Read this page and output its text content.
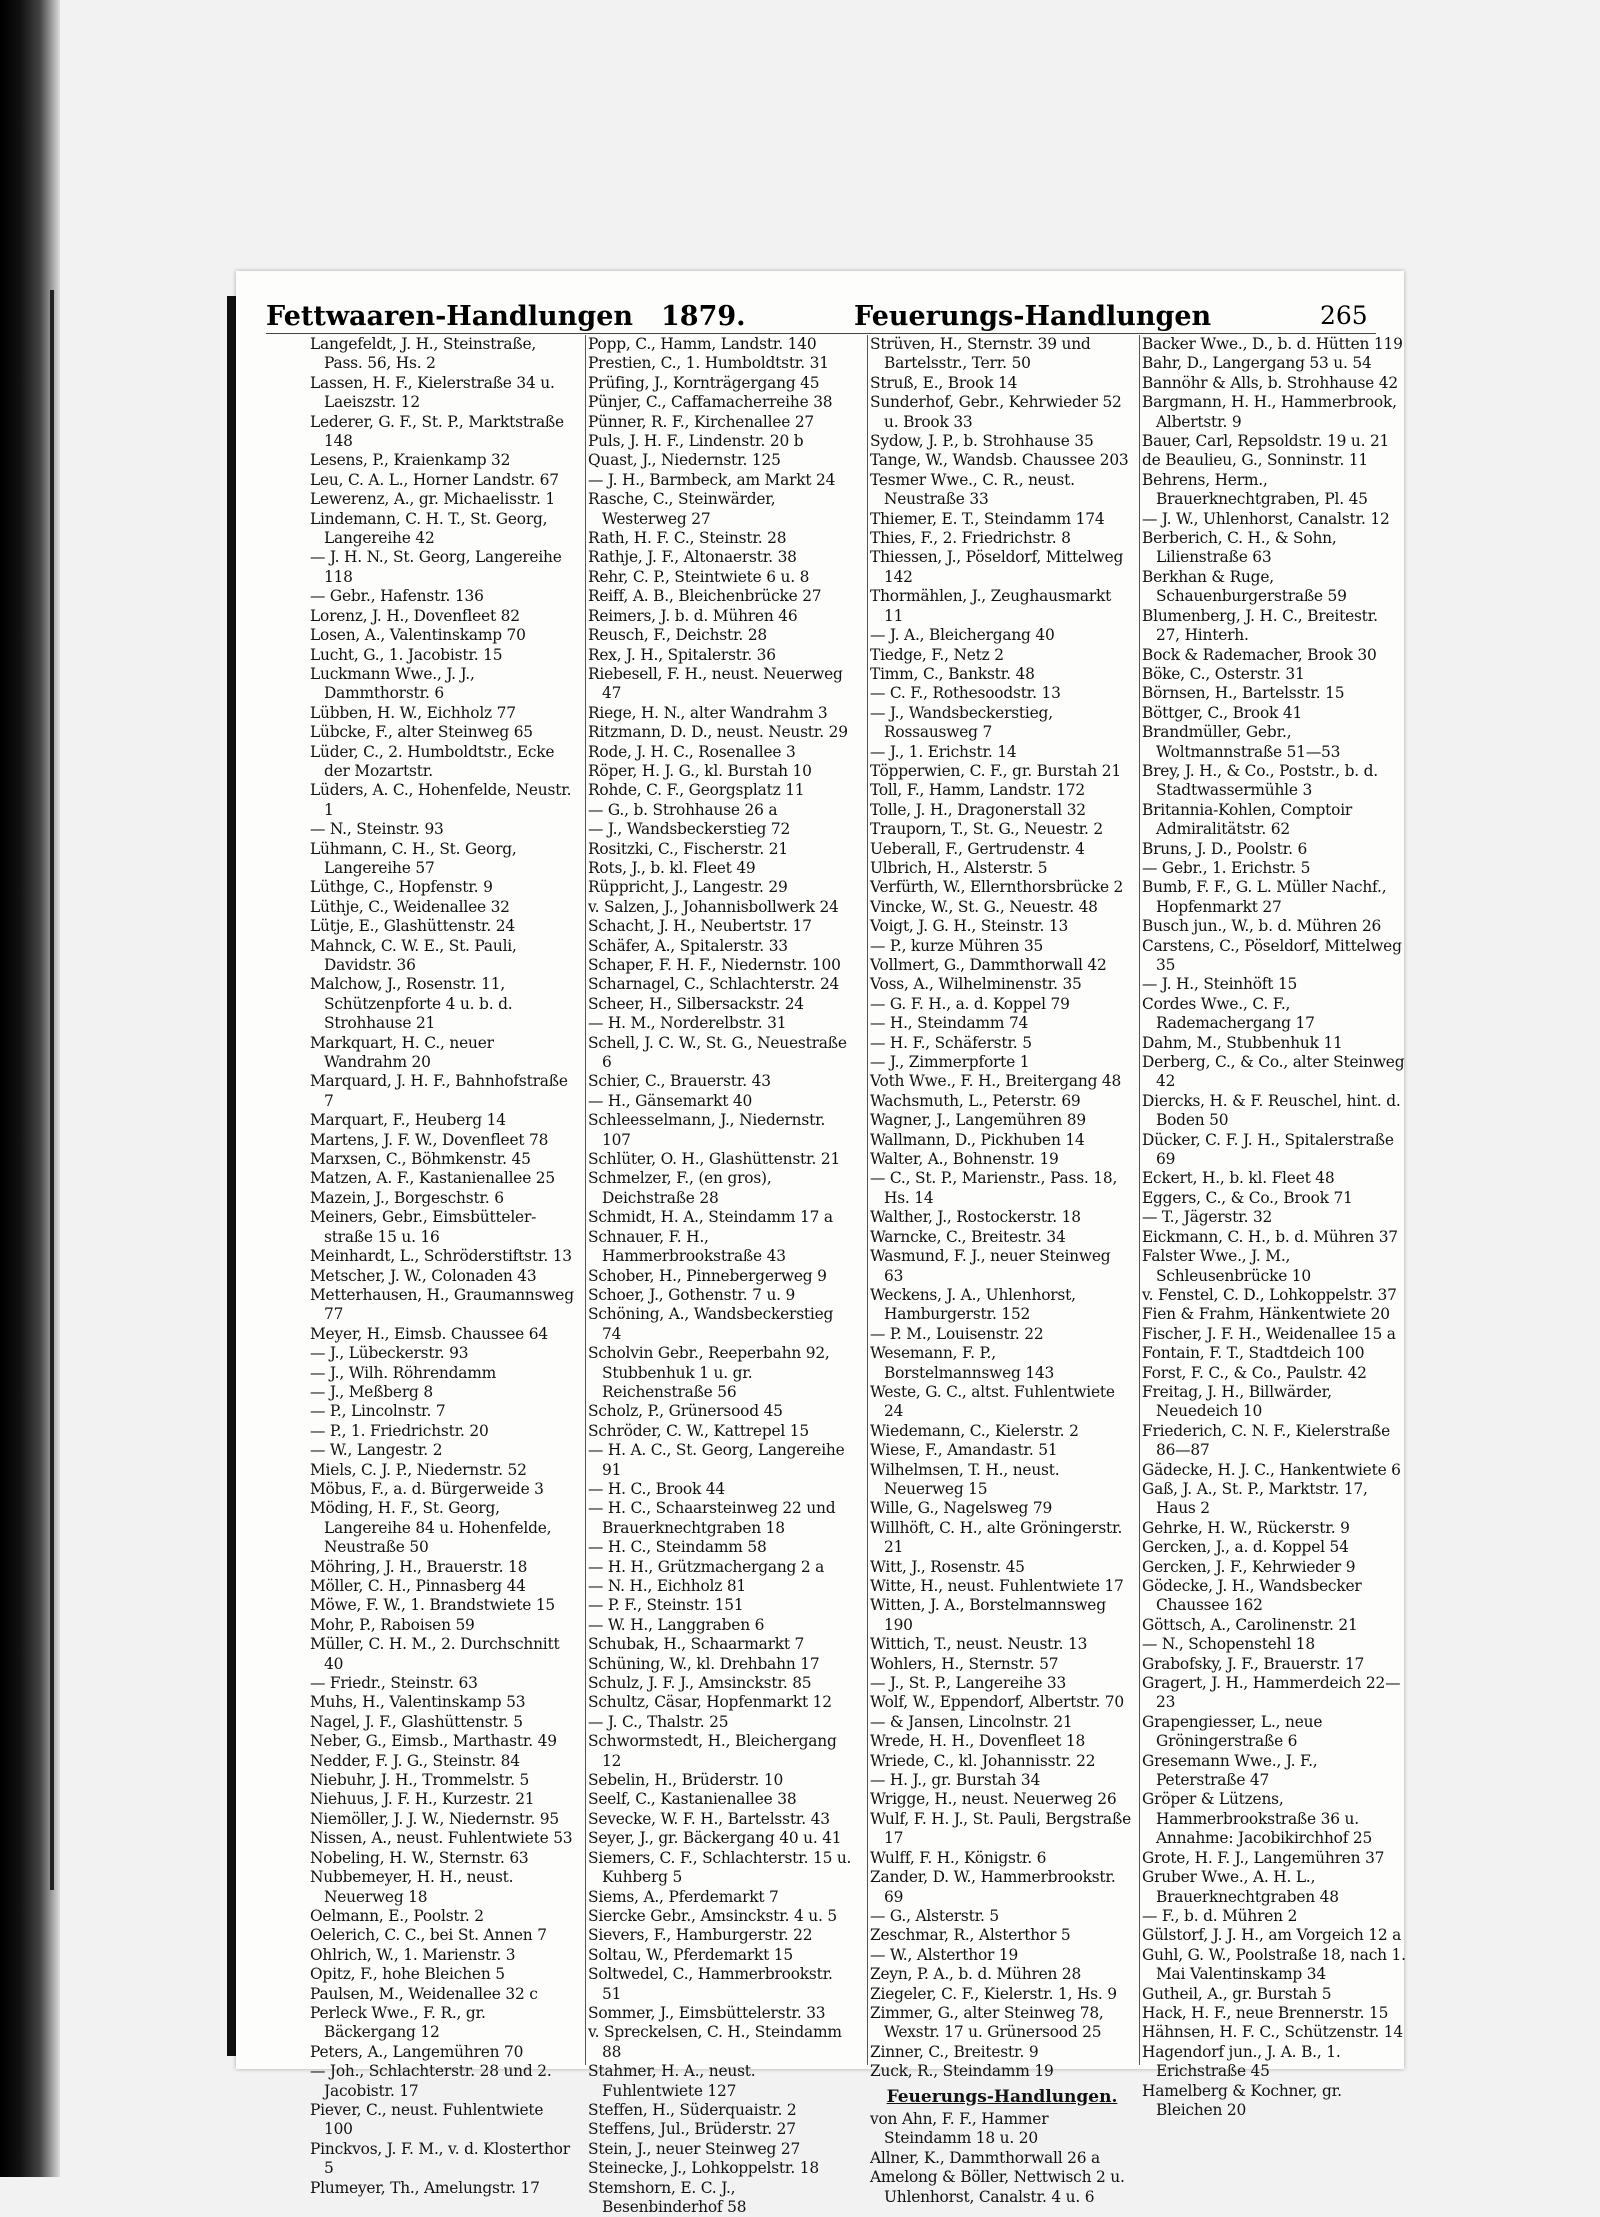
Fettwaaren-Handlungen 1879.	Feuerungs-Handlungen	265
Langefeldt, J. H., Steinstraße, Pass. 56, Hs. 2
Lassen, H. F., Kielerstraße 34 u. Laeiszstr. 12
Lederer, G. F., St. P., Marktstraße 148
Lesens, P., Kraienkamp 32
Leu, C. A. L., Horner Landstr. 67
Lewerenz, A., gr. Michaelisstr. 1
Lindemann, C. H. T., St. Georg, Langereihe 42
— J. H. N., St. Georg, Langereihe 118
— Gebr., Hafenstr. 136
Lorenz, J. H., Dovenfleet 82
Losen, A., Valentinskamp 70
Lucht, G., 1. Jacobistr. 15
Luckmann Wwe., J. J., Dammthorstr. 6
Lübben, H. W., Eichholz 77
Lübcke, F., alter Steinweg 65
Lüder, C., 2. Humboldtstr., Ecke der Mozartstr.
Lüders, A. C., Hohenfelde, Neustr. 1
— N., Steinstr. 93
Lühmann, C. H., St. Georg, Langereihe 57
Lüthge, C., Hopfenstr. 9
Lüthje, C., Weidenallee 32
Lütje, E., Glashüttenstr. 24
Mahnck, C. W. E., St. Pauli, Davidstr. 36
Malchow, J., Rosenstr. 11, Schützenpforte 4 u. b. d. Strohhause 21
Markquart, H. C., neuer Wandrahm 20
Marquard, J. H. F., Bahnhofstraße 7
Marquart, F., Heuberg 14
Martens, J. F. W., Dovenfleet 78
Marxsen, C., Böhmkenstr. 45
Matzen, A. F., Kastanienallee 25
Mazein, J., Borgeschstr. 6
Meiners, Gebr., Eimsbütteler-straße 15 u. 16
Meinhardt, L., Schröderstiftstr. 13
Metscher, J. W., Colonaden 43
Metterhausen, H., Graumannsweg 77
Meyer, H., Eimsb. Chaussee 64
— J., Lübeckerstr. 93
— J., Wilh. Röhrendamm
— J., Meßberg 8
— P., Lincolnstr. 7
— P., 1. Friedrichstr. 20
— W., Langestr. 2
Miels, C. J. P., Niedernstr. 52
Möbus, F., a. d. Bürgerweide 3
Möding, H. F., St. Georg, Langereihe 84 u. Hohenfelde, Neustraße 50
Möhring, J. H., Brauerstr. 18
Möller, C. H., Pinnasberg 44
Möwe, F. W., 1. Brandstwiete 15
Mohr, P., Raboisen 59
Müller, C. H. M., 2. Durchschnitt 40
— Friedr., Steinstr. 63
Muhs, H., Valentinskamp 53
Nagel, J. F., Glashüttenstr. 5
Neber, G., Eimsb., Marthastr. 49
Nedder, F. J. G., Steinstr. 84
Niebuhr, J. H., Trommelstr. 5
Niehuus, J. F. H., Kurzestr. 21
Niemöller, J. J. W., Niedernstr. 95
Nissen, A., neust. Fuhlentwiete 53
Nobeling, H. W., Sternstr. 63
Nubbemeyer, H. H., neust. Neuerweg 18
Oelmann, E., Poolstr. 2
Oelerich, C. C., bei St. Annen 7
Ohlrich, W., 1. Marienstr. 3
Opitz, F., hohe Bleichen 5
Paulsen, M., Weidenallee 32 c
Perleck Wwe., F. R., gr. Bäckergang 12
Peters, A., Langemühren 70
— Joh., Schlachterstr. 28 und 2. Jacobistr. 17
Piever, C., neust. Fuhlentwiete 100
Pinckvos, J. F. M., v. d. Klosterthor 5
Plumeyer, Th., Amelungstr. 17
Popp, C., Hamm, Landstr. 140
Prestien, C., 1. Humboldtstr. 31
Prüfing, J., Kornträgergang 45
Pünjer, C., Caffamacherreihe 38
Pünner, R. F., Kirchenallee 27
Puls, J. H. F., Lindenstr. 20 b
Quast, J., Niedernstr. 125
— J. H., Barmbeck, am Markt 24
Rasche, C., Steinwärder, Westerweg 27
Rath, H. F. C., Steinstr. 28
Rathje, J. F., Altonaerstr. 38
Rehr, C. P., Steintwiete 6 u. 8
Reiff, A. B., Bleichenbrücke 27
Reimers, J. b. d. Mühren 46
Reusch, F., Deichstr. 28
Rex, J. H., Spitalerstr. 36
Riebesell, F. H., neust. Neuerweg 47
Riege, H. N., alter Wandrahm 3
Ritzmann, D. D., neust. Neustr. 29
Rode, J. H. C., Rosenallee 3
Röper, H. J. G., kl. Burstah 10
Rohde, C. F., Georgsplatz 11
— G., b. Strohhause 26 a
— J., Wandsbeckerstieg 72
Rositzki, C., Fischerstr. 21
Rots, J., b. kl. Fleet 49
Rüppricht, J., Langestr. 29
v. Salzen, J., Johannisbollwerk 24
Schacht, J. H., Neubertstr. 17
Schäfer, A., Spitalerstr. 33
Schaper, F. H. F., Niedernstr. 100
Scharnagel, C., Schlachterstr. 24
Scheer, H., Silbersackstr. 24
— H. M., Norderelbstr. 31
Schell, J. C. W., St. G., Neuestraße 6
Schier, C., Brauerstr. 43
— H., Gänsemarkt 40
Schleesselmann, J., Niedernstr. 107
Schlüter, O. H., Glashüttenstr. 21
Schmelzer, F., (en gros), Deichstraße 28
Schmidt, H. A., Steindamm 17 a
Schnauer, F. H., Hammerbrookstraße 43
Schober, H., Pinnebergerweg 9
Schoer, J., Gothenstr. 7 u. 9
Schöning, A., Wandsbeckerstieg 74
Scholvin Gebr., Reeperbahn 92, Stubbenhuk 1 u. gr. Reichenstraße 56
Scholz, P., Grünersood 45
Schröder, C. W., Kattrepel 15
— H. A. C., St. Georg, Langereihe 91
— H. C., Brook 44
— H. C., Schaarsteinweg 22 und Brauerknechtgraben 18
— H. C., Steindamm 58
— H. H., Grützmachergang 2 a
— N. H., Eichholz 81
— P. F., Steinstr. 151
— W. H., Langgraben 6
Schubak, H., Schaarmarkt 7
Schüning, W., kl. Drehbahn 17
Schulz, J. F. J., Amsinckstr. 85
Schultz, Cäsar, Hopfenmarkt 12
— J. C., Thalstr. 25
Schwormstedt, H., Bleichergang 12
Sebelin, H., Brüderstr. 10
Seelf, C., Kastanienallee 38
Sevecke, W. F. H., Bartelsstr. 43
Seyer, J., gr. Bäckergang 40 u. 41
Siemers, C. F., Schlachterstr. 15 u. Kuhberg 5
Siems, A., Pferdemarkt 7
Siercke Gebr., Amsinckstr. 4 u. 5
Sievers, F., Hamburgerstr. 22
Soltau, W., Pferdemarkt 15
Soltwedel, C., Hammerbrookstr. 51
Sommer, J., Eimsbüttelerstr. 33
v. Spreckelsen, C. H., Steindamm 88
Stahmer, H. A., neust. Fuhlentwiete 127
Steffen, H., Süderquaistr. 2
Steffens, Jul., Brüderstr. 27
Stein, J., neuer Steinweg 27
Steinecke, J., Lohkoppelstr. 18
Stemshorn, E. C. J., Besenbinderhof 58
Strüven, H., Sternstr. 39 und Bartelsstr., Terr. 50
Struß, E., Brook 14
Sunderhof, Gebr., Kehrwieder 52 u. Brook 33
Sydow, J. P., b. Strohhause 35
Tange, W., Wandsb. Chaussee 203
Tesmer Wwe., C. R., neust. Neustraße 33
Thiemer, E. T., Steindamm 174
Thies, F., 2. Friedrichstr. 8
Thiessen, J., Pöseldorf, Mittelweg 142
Thormählen, J., Zeughausmarkt 11
— J. A., Bleichergang 40
Tiedge, F., Netz 2
Timm, C., Bankstr. 48
— C. F., Rothesoodstr. 13
— J., Wandsbeckerstieg, Rossausweg 7
— J., 1. Erichstr. 14
Töpperwien, C. F., gr. Burstah 21
Toll, F., Hamm, Landstr. 172
Tolle, J. H., Dragonerstall 32
Trauporn, T., St. G., Neuestr. 2
Ueberall, F., Gertrudenstr. 4
Ulbrich, H., Alsterstr. 5
Verfürth, W., Ellernthorsbrücke 2
Vincke, W., St. G., Neuestr. 48
Voigt, J. G. H., Steinstr. 13
— P., kurze Mühren 35
Vollmert, G., Dammthorwall 42
Voss, A., Wilhelminenstr. 35
— G. F. H., a. d. Koppel 79
— H., Steindamm 74
— H. F., Schäferstr. 5
— J., Zimmerpforte 1
Voth Wwe., F. H., Breitergang 48
Wachsmuth, L., Peterstr. 69
Wagner, J., Langemühren 89
Wallmann, D., Pickhuben 14
Walter, A., Bohnenstr. 19
— C., St. P., Marienstr., Pass. 18, Hs. 14
Walther, J., Rostockerstr. 18
Warncke, C., Breitestr. 34
Wasmund, F. J., neuer Steinweg 63
Weckens, J. A., Uhlenhorst, Hamburgerstr. 152
— P. M., Louisenstr. 22
Wesemann, F. P., Borstelmannsweg 143
Weste, G. C., altst. Fuhlentwiete 24
Wiedemann, C., Kielerstr. 2
Wiese, F., Amandastr. 51
Wilhelmsen, T. H., neust. Neuerweg 15
Wille, G., Nagelsweg 79
Willhöft, C. H., alte Gröningerstr. 21
Witt, J., Rosenstr. 45
Witte, H., neust. Fuhlentwiete 17
Witten, J. A., Borstelmannsweg 190
Wittich, T., neust. Neustr. 13
Wohlers, H., Sternstr. 57
— J., St. P., Langereihe 33
Wolf, W., Eppendorf, Albertstr. 70
— & Jansen, Lincolnstr. 21
Wrede, H. H., Dovenfleet 18
Wriede, C., kl. Johannisstr. 22
— H. J., gr. Burstah 34
Wrigge, H., neust. Neuerweg 26
Wulf, F. H. J., St. Pauli, Bergstraße 17
Wulff, F. H., Königstr. 6
Zander, D. W., Hammerbrookstr. 69
— G., Alsterstr. 5
Zeschmar, R., Alsterthor 5
— W., Alsterthor 19
Zeyn, P. A., b. d. Mühren 28
Ziegeler, C. F., Kielerstr. 1, Hs. 9
Zimmer, G., alter Steinweg 78, Wexstr. 17 u. Grünersood 25
Zinner, C., Breitestr. 9
Zuck, R., Steindamm 19
Feuerungs-Handlungen.
von Ahn, F. F., Hammer Steindamm 18 u. 20
Allner, K., Dammthorwall 26 a
Amelong & Böller, Nettwisch 2 u. Uhlenhorst, Canalstr. 4 u. 6
Backer Wwe., D., b. d. Hütten 119
Bahr, D., Langergang 53 u. 54
Bannöhr & Alls, b. Strohhause 42
Bargmann, H. H., Hammerbrook, Albertstr. 9
Bauer, Carl, Repsoldstr. 19 u. 21
de Beaulieu, G., Sonninstr. 11
Behrens, Herm., Brauerknechtgraben, Pl. 45
— J. W., Uhlenhorst, Canalstr. 12
Berberich, C. H., & Sohn, Lilienstraße 63
Berkhan & Ruge, Schauenburgerstraße 59
Blumenberg, J. H. C., Breitestr. 27, Hinterh.
Bock & Rademacher, Brook 30
Böke, C., Osterstr. 31
Börnsen, H., Bartelsstr. 15
Böttger, C., Brook 41
Brandmüller, Gebr., Woltmannstraße 51—53
Brey, J. H., & Co., Poststr., b. d. Stadtwassermühle 3
Britannia-Kohlen, Comptoir Admiralitätstr. 62
Bruns, J. D., Poolstr. 6
— Gebr., 1. Erichstr. 5
Bumb, F. F., G. L. Müller Nachf., Hopfenmarkt 27
Busch jun., W., b. d. Mühren 26
Carstens, C., Pöseldorf, Mittelweg 35
— J. H., Steinhöft 15
Cordes Wwe., C. F., Rademachergang 17
Dahm, M., Stubbenhuk 11
Derberg, C., & Co., alter Steinweg 42
Diercks, H. & F. Reuschel, hint. d. Boden 50
Dücker, C. F. J. H., Spitalerstraße 69
Eckert, H., b. kl. Fleet 48
Eggers, C., & Co., Brook 71
— T., Jägerstr. 32
Eickmann, C. H., b. d. Mühren 37
Falster Wwe., J. M., Schleusenbrücke 10
v. Fenstel, C. D., Lohkoppelstr. 37
Fien & Frahm, Hänkentwiete 20
Fischer, J. F. H., Weidenallee 15 a
Fontain, F. T., Stadtdeich 100
Forst, F. C., & Co., Paulstr. 42
Freitag, J. H., Billwärder, Neuedeich 10
Friederich, C. N. F., Kielerstraße 86—87
Gädecke, H. J. C., Hankentwiete 6
Gaß, J. A., St. P., Marktstr. 17, Haus 2
Gehrke, H. W., Rückerstr. 9
Gercken, J., a. d. Koppel 54
Gercken, J. F., Kehrwieder 9
Gödecke, J. H., Wandsbecker Chaussee 162
Göttsch, A., Carolinenstr. 21
— N., Schopenstehl 18
Grabofsky, J. F., Brauerstr. 17
Gragert, J. H., Hammerdeich 22—23
Grapengiesser, L., neue Gröningerstraße 6
Gresemann Wwe., J. F., Peterstraße 47
Gröper & Lützens, Hammerbrookstraße 36 u. Annahme: Jacobikirchhof 25
Grote, H. F. J., Langemühren 37
Gruber Wwe., A. H. L., Brauerknechtgraben 48
— F., b. d. Mühren 2
Gülstorf, J. J. H., am Vorgeich 12 a
Guhl, G. W., Poolstraße 18, nach 1. Mai Valentinskamp 34
Gutheil, A., gr. Burstah 5
Hack, H. F., neue Brennerstr. 15
Hähnsen, H. F. C., Schützenstr. 14
Hagendorf jun., J. A. B., 1. Erichstraße 45
Hamelberg & Kochner, gr. Bleichen 20
